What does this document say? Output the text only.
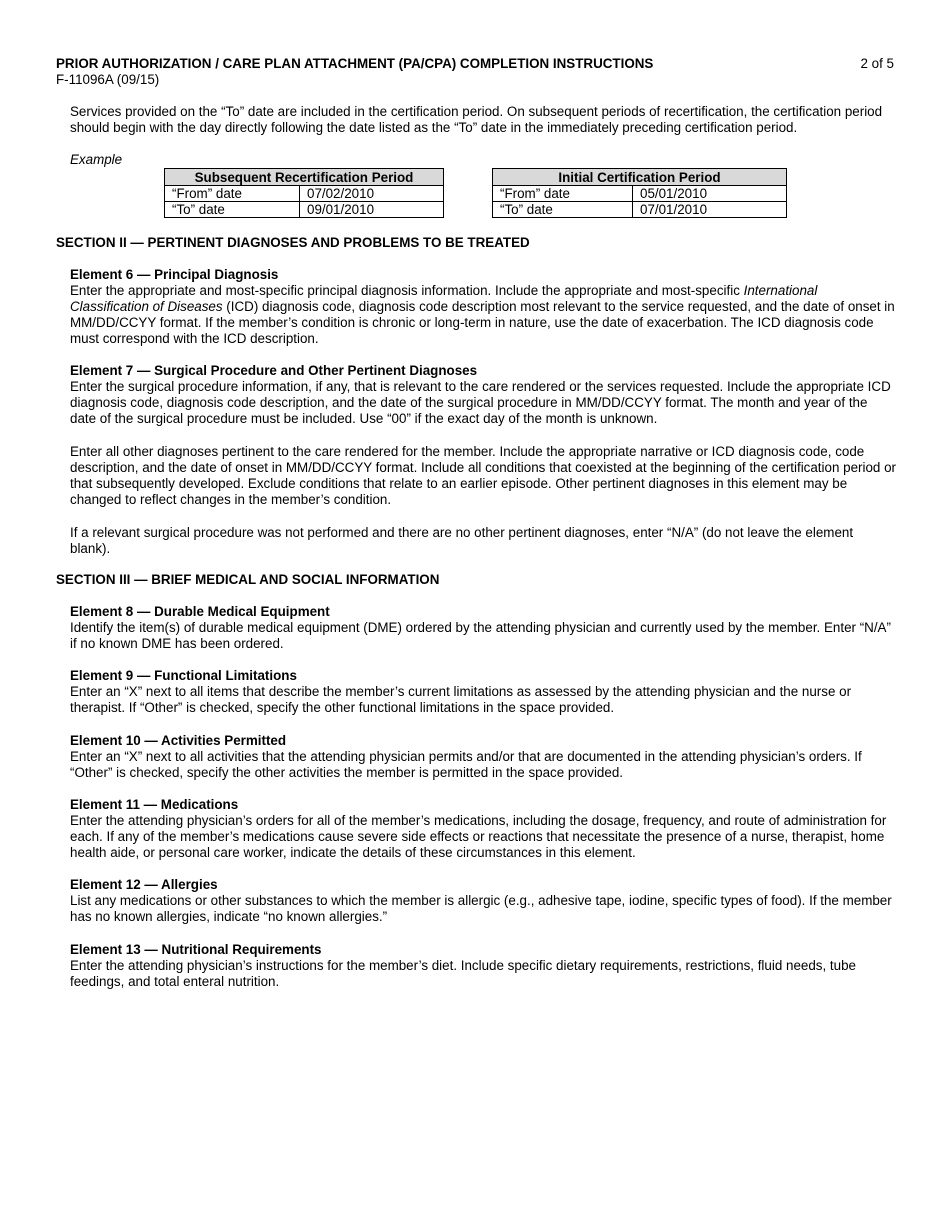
PRIOR AUTHORIZATION / CARE PLAN ATTACHMENT (PA/CPA) COMPLETION INSTRUCTIONS	2 of 5
F-11096A (09/15)

Services provided on the “To” date are included in the certification period. On subsequent periods of recertification, the certification period should begin with the day directly following the date listed as the “To” date in the immediately preceding certification period.

Example
Subsequent Recertification Period	
“From” date	07/02/2010
“To” date	09/01/2010
Initial Certification Period	
“From” date	05/01/2010
“To” date	07/01/2010
SECTION II — PERTINENT DIAGNOSES AND PROBLEMS TO BE TREATED
Element 6 — Principal Diagnosis

Enter the appropriate and most-specific principal diagnosis information. Include the appropriate and most-specific International Classification of Diseases (ICD) diagnosis code, diagnosis code description most relevant to the service requested, and the date of onset in MM/DD/CCYY format. If the member’s condition is chronic or long-term in nature, use the date of exacerbation. The ICD diagnosis code must correspond with the ICD description.

Element 7 — Surgical Procedure and Other Pertinent Diagnoses

Enter the surgical procedure information, if any, that is relevant to the care rendered or the services requested. Include the appropriate ICD diagnosis code, diagnosis code description, and the date of the surgical procedure in MM/DD/CCYY format. The month and year of the date of the surgical procedure must be included. Use “00” if the exact day of the month is unknown.

Enter all other diagnoses pertinent to the care rendered for the member. Include the appropriate narrative or ICD diagnosis code, code description, and the date of onset in MM/DD/CCYY format. Include all conditions that coexisted at the beginning of the certification period or that subsequently developed. Exclude conditions that relate to an earlier episode. Other pertinent diagnoses in this element may be changed to reflect changes in the member’s condition.

If a relevant surgical procedure was not performed and there are no other pertinent diagnoses, enter “N/A” (do not leave the element blank).

SECTION III — BRIEF MEDICAL AND SOCIAL INFORMATION
Element 8 — Durable Medical Equipment

Identify the item(s) of durable medical equipment (DME) ordered by the attending physician and currently used by the member. Enter “N/A” if no known DME has been ordered.

Element 9 — Functional Limitations

Enter an “X” next to all items that describe the member’s current limitations as assessed by the attending physician and the nurse or therapist. If “Other” is checked, specify the other functional limitations in the space provided.

Element 10 — Activities Permitted

Enter an “X” next to all activities that the attending physician permits and/or that are documented in the attending physician’s orders. If “Other” is checked, specify the other activities the member is permitted in the space provided.

Element 11 — Medications

Enter the attending physician’s orders for all of the member’s medications, including the dosage, frequency, and route of administration for each. If any of the member’s medications cause severe side effects or reactions that necessitate the presence of a nurse, therapist, home health aide, or personal care worker, indicate the details of these circumstances in this element.

Element 12 — Allergies

List any medications or other substances to which the member is allergic (e.g., adhesive tape, iodine, specific types of food). If the member has no known allergies, indicate “no known allergies.”

Element 13 — Nutritional Requirements

Enter the attending physician’s instructions for the member’s diet. Include specific dietary requirements, restrictions, fluid needs, tube feedings, and total enteral nutrition.
